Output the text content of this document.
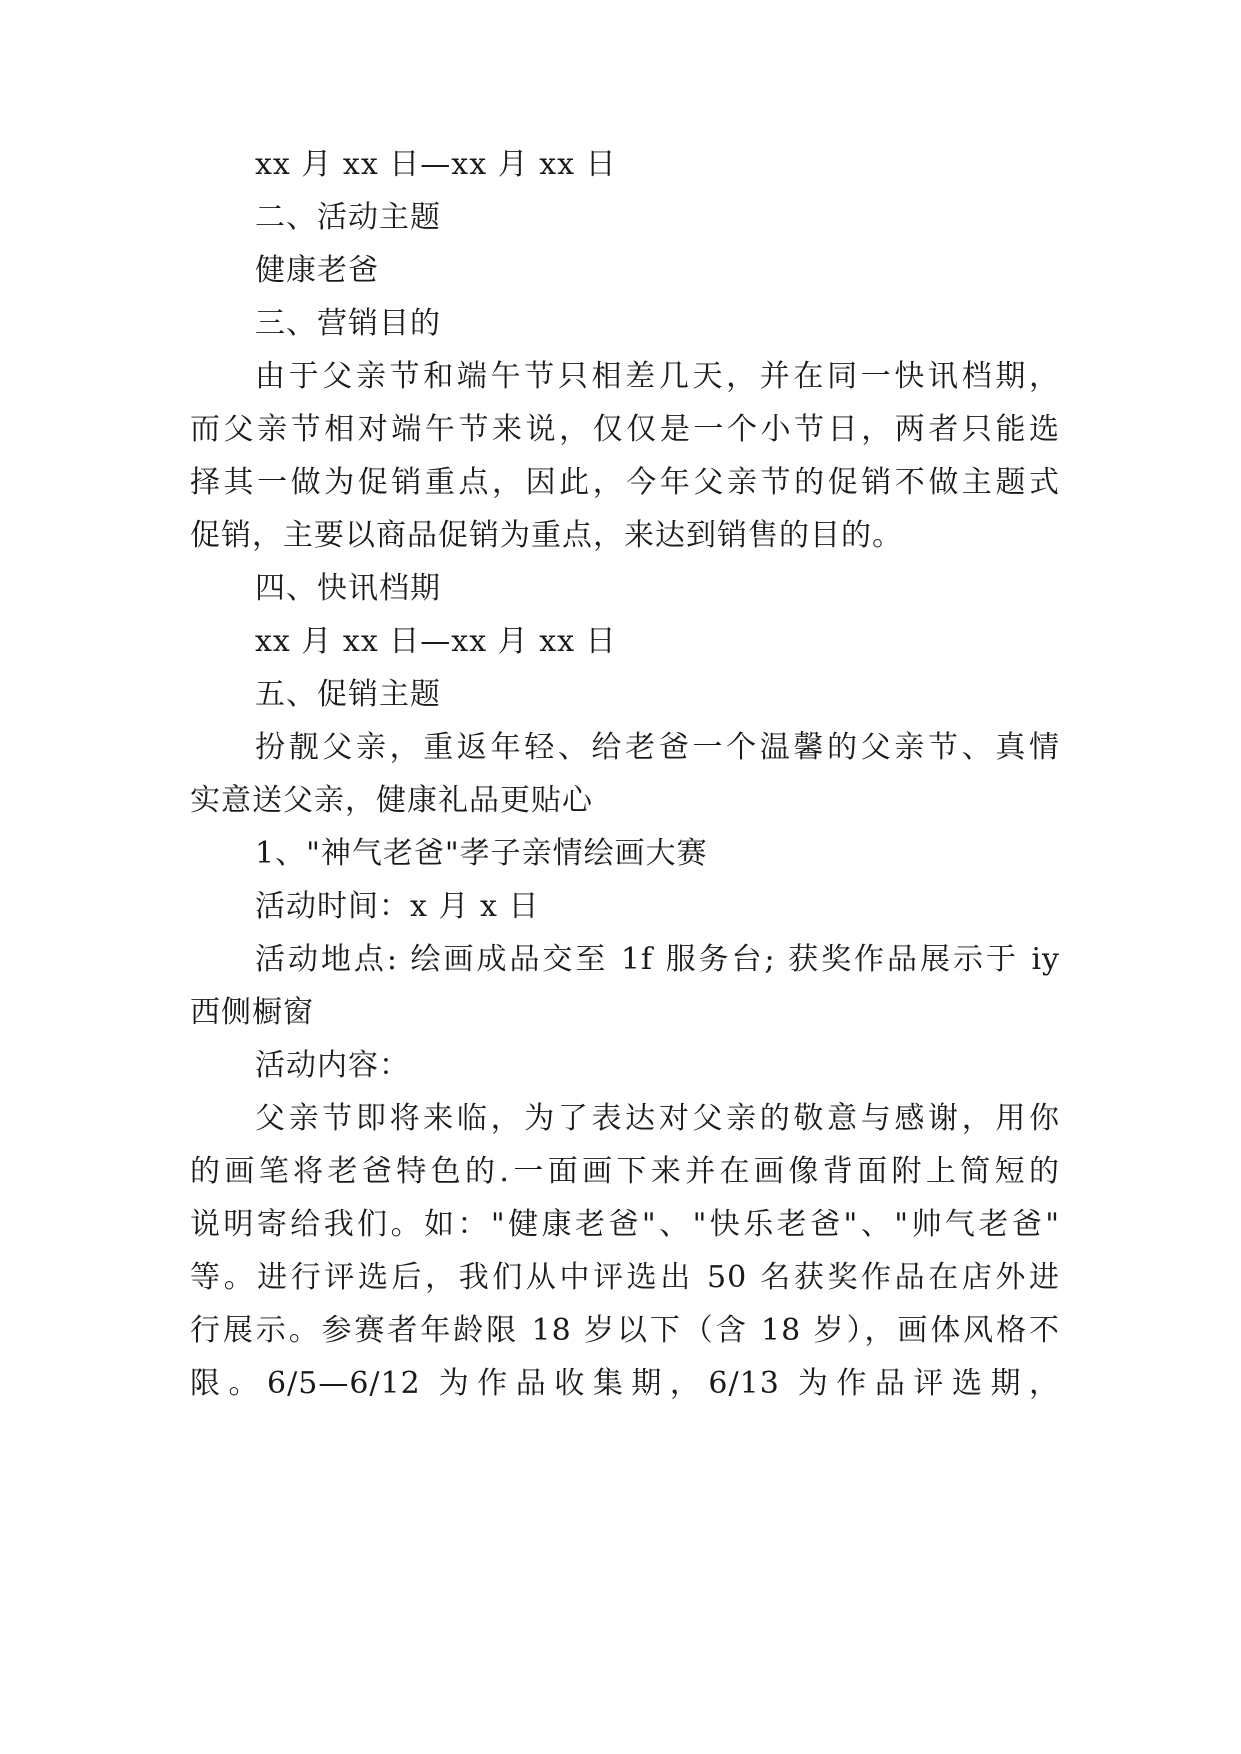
xx 月 xx 日—xx 月 xx 日
二、活动主题
健康老爸
三、营销目的
由于父亲节和端午节只相差几天，并在同一快讯档期，
而父亲节相对端午节来说，仅仅是一个小节日，两者只能选
择其一做为促销重点，因此，今年父亲节的促销不做主题式
促销，主要以商品促销为重点，来达到销售的目的。
四、快讯档期
xx 月 xx 日—xx 月 xx 日
五、促销主题
扮靓父亲，重返年轻、给老爸一个温馨的父亲节、真情
实意送父亲，健康礼品更贴心
1、"神气老爸"孝子亲情绘画大赛
活动时间：x 月 x 日
活动地点: 绘画成品交至 1f 服务台; 获奖作品展示于 iy
西侧橱窗
活动内容：
父亲节即将来临，为了表达对父亲的敬意与感谢，用你
的画笔将老爸特色的.一面画下来并在画像背面附上简短的
说明寄给我们。如："健康老爸"、"快乐老爸"、"帅气老爸"
等。进行评选后，我们从中评选出 50 名获奖作品在店外进
行展示。参赛者年龄限 18 岁以下（含 18 岁），画体风格不
限。6/5—6/12 为作品收集期，6/13 为作品评选期，
